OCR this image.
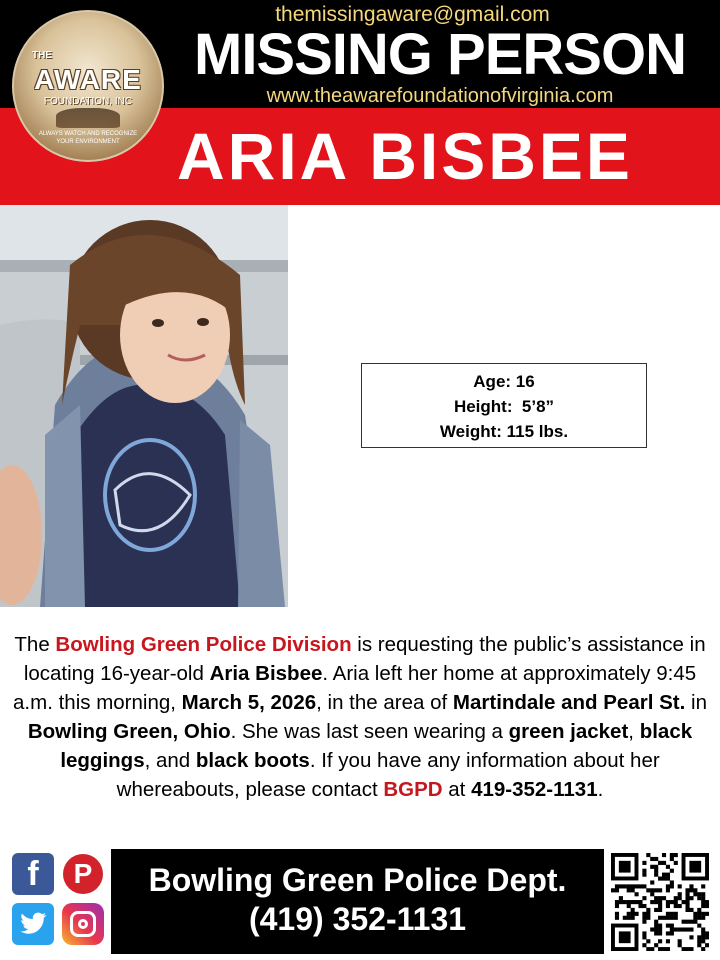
THE
AWARE
FOUNDATION, INC
ALWAYS WATCH AND RECOGNIZE YOUR ENVIRONMENT
themissingaware@gmail.com
MISSING PERSON
www.theawarefoundationofvirginia.com
ARIA BISBEE
Age: 16
Height:  5’8”
Weight: 115 lbs.
The Bowling Green Police Division is requesting the public’s assistance in locating 16-year-old Aria Bisbee. Aria left her home at approximately 9:45 a.m. this morning, March 5, 2026, in the area of Martindale and Pearl St. in Bowling Green, Ohio. She was last seen wearing a green jacket, black leggings, and black boots. If you have any information about her whereabouts, please contact BGPD at 419-352-1131.
f	P	Bowling Green Police Dept.
(419) 352-1131
